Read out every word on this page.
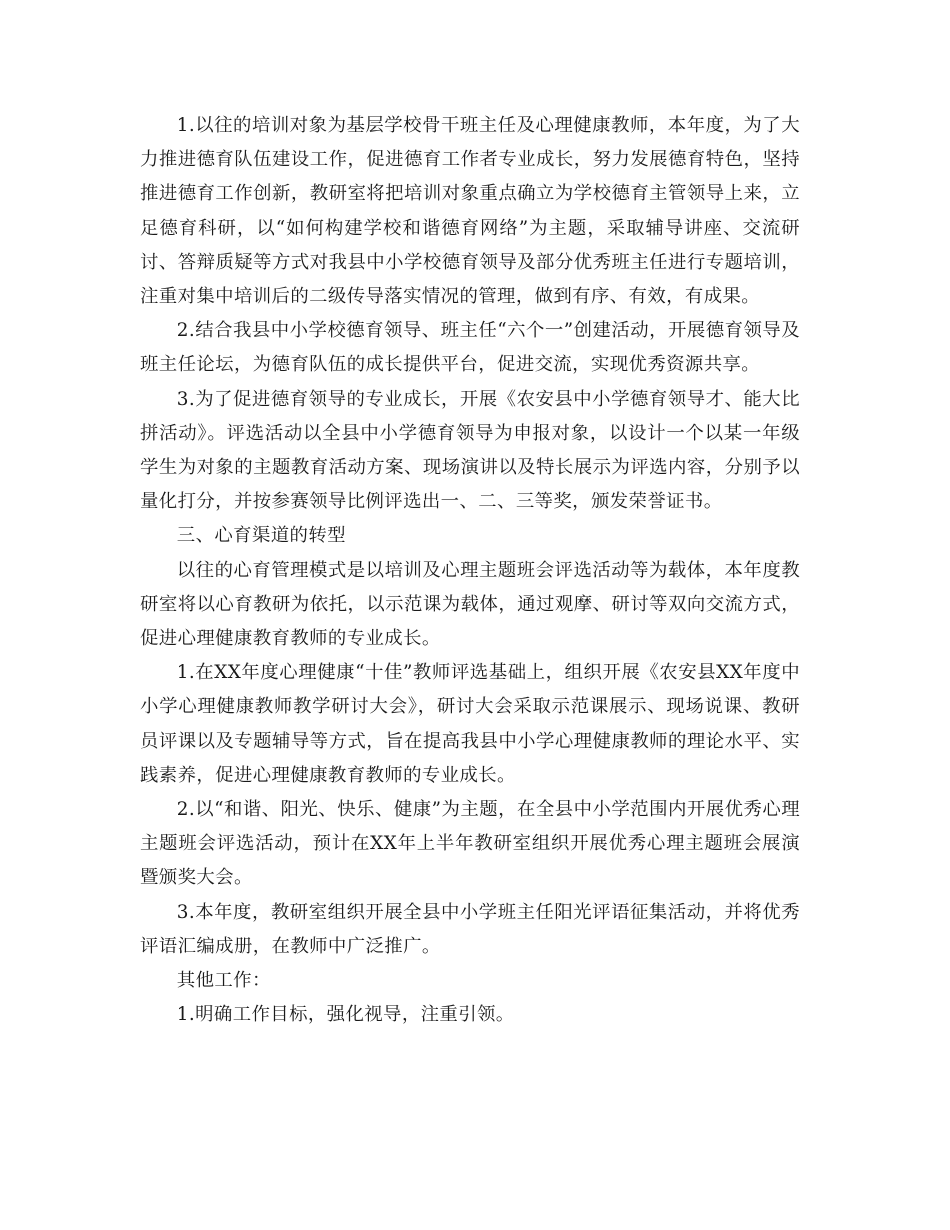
1.以往的培训对象为基层学校骨干班主任及心理健康教师，本年度，为了大力推进德育队伍建设工作，促进德育工作者专业成长，努力发展德育特色，坚持推进德育工作创新，教研室将把培训对象重点确立为学校德育主管领导上来，立足德育科研，以“如何构建学校和谐德育网络”为主题，采取辅导讲座、交流研讨、答辩质疑等方式对我县中小学校德育领导及部分优秀班主任进行专题培训，注重对集中培训后的二级传导落实情况的管理，做到有序、有效，有成果。

2.结合我县中小学校德育领导、班主任“六个一”创建活动，开展德育领导及班主任论坛，为德育队伍的成长提供平台，促进交流，实现优秀资源共享。

3.为了促进德育领导的专业成长，开展《农安县中小学德育领导才、能大比拼活动》。评选活动以全县中小学德育领导为申报对象，以设计一个以某一年级学生为对象的主题教育活动方案、现场演讲以及特长展示为评选内容，分别予以量化打分，并按参赛领导比例评选出一、二、三等奖，颁发荣誉证书。

三、心育渠道的转型

以往的心育管理模式是以培训及心理主题班会评选活动等为载体，本年度教研室将以心育教研为依托，以示范课为载体，通过观摩、研讨等双向交流方式，促进心理健康教育教师的专业成长。

1.在XX年度心理健康“十佳”教师评选基础上，组织开展《农安县XX年度中小学心理健康教师教学研讨大会》，研讨大会采取示范课展示、现场说课、教研员评课以及专题辅导等方式，旨在提高我县中小学心理健康教师的理论水平、实践素养，促进心理健康教育教师的专业成长。

2.以“和谐、阳光、快乐、健康”为主题，在全县中小学范围内开展优秀心理主题班会评选活动，预计在XX年上半年教研室组织开展优秀心理主题班会展演暨颁奖大会。

3.本年度，教研室组织开展全县中小学班主任阳光评语征集活动，并将优秀评语汇编成册，在教师中广泛推广。

其他工作：

1.明确工作目标，强化视导，注重引领。
